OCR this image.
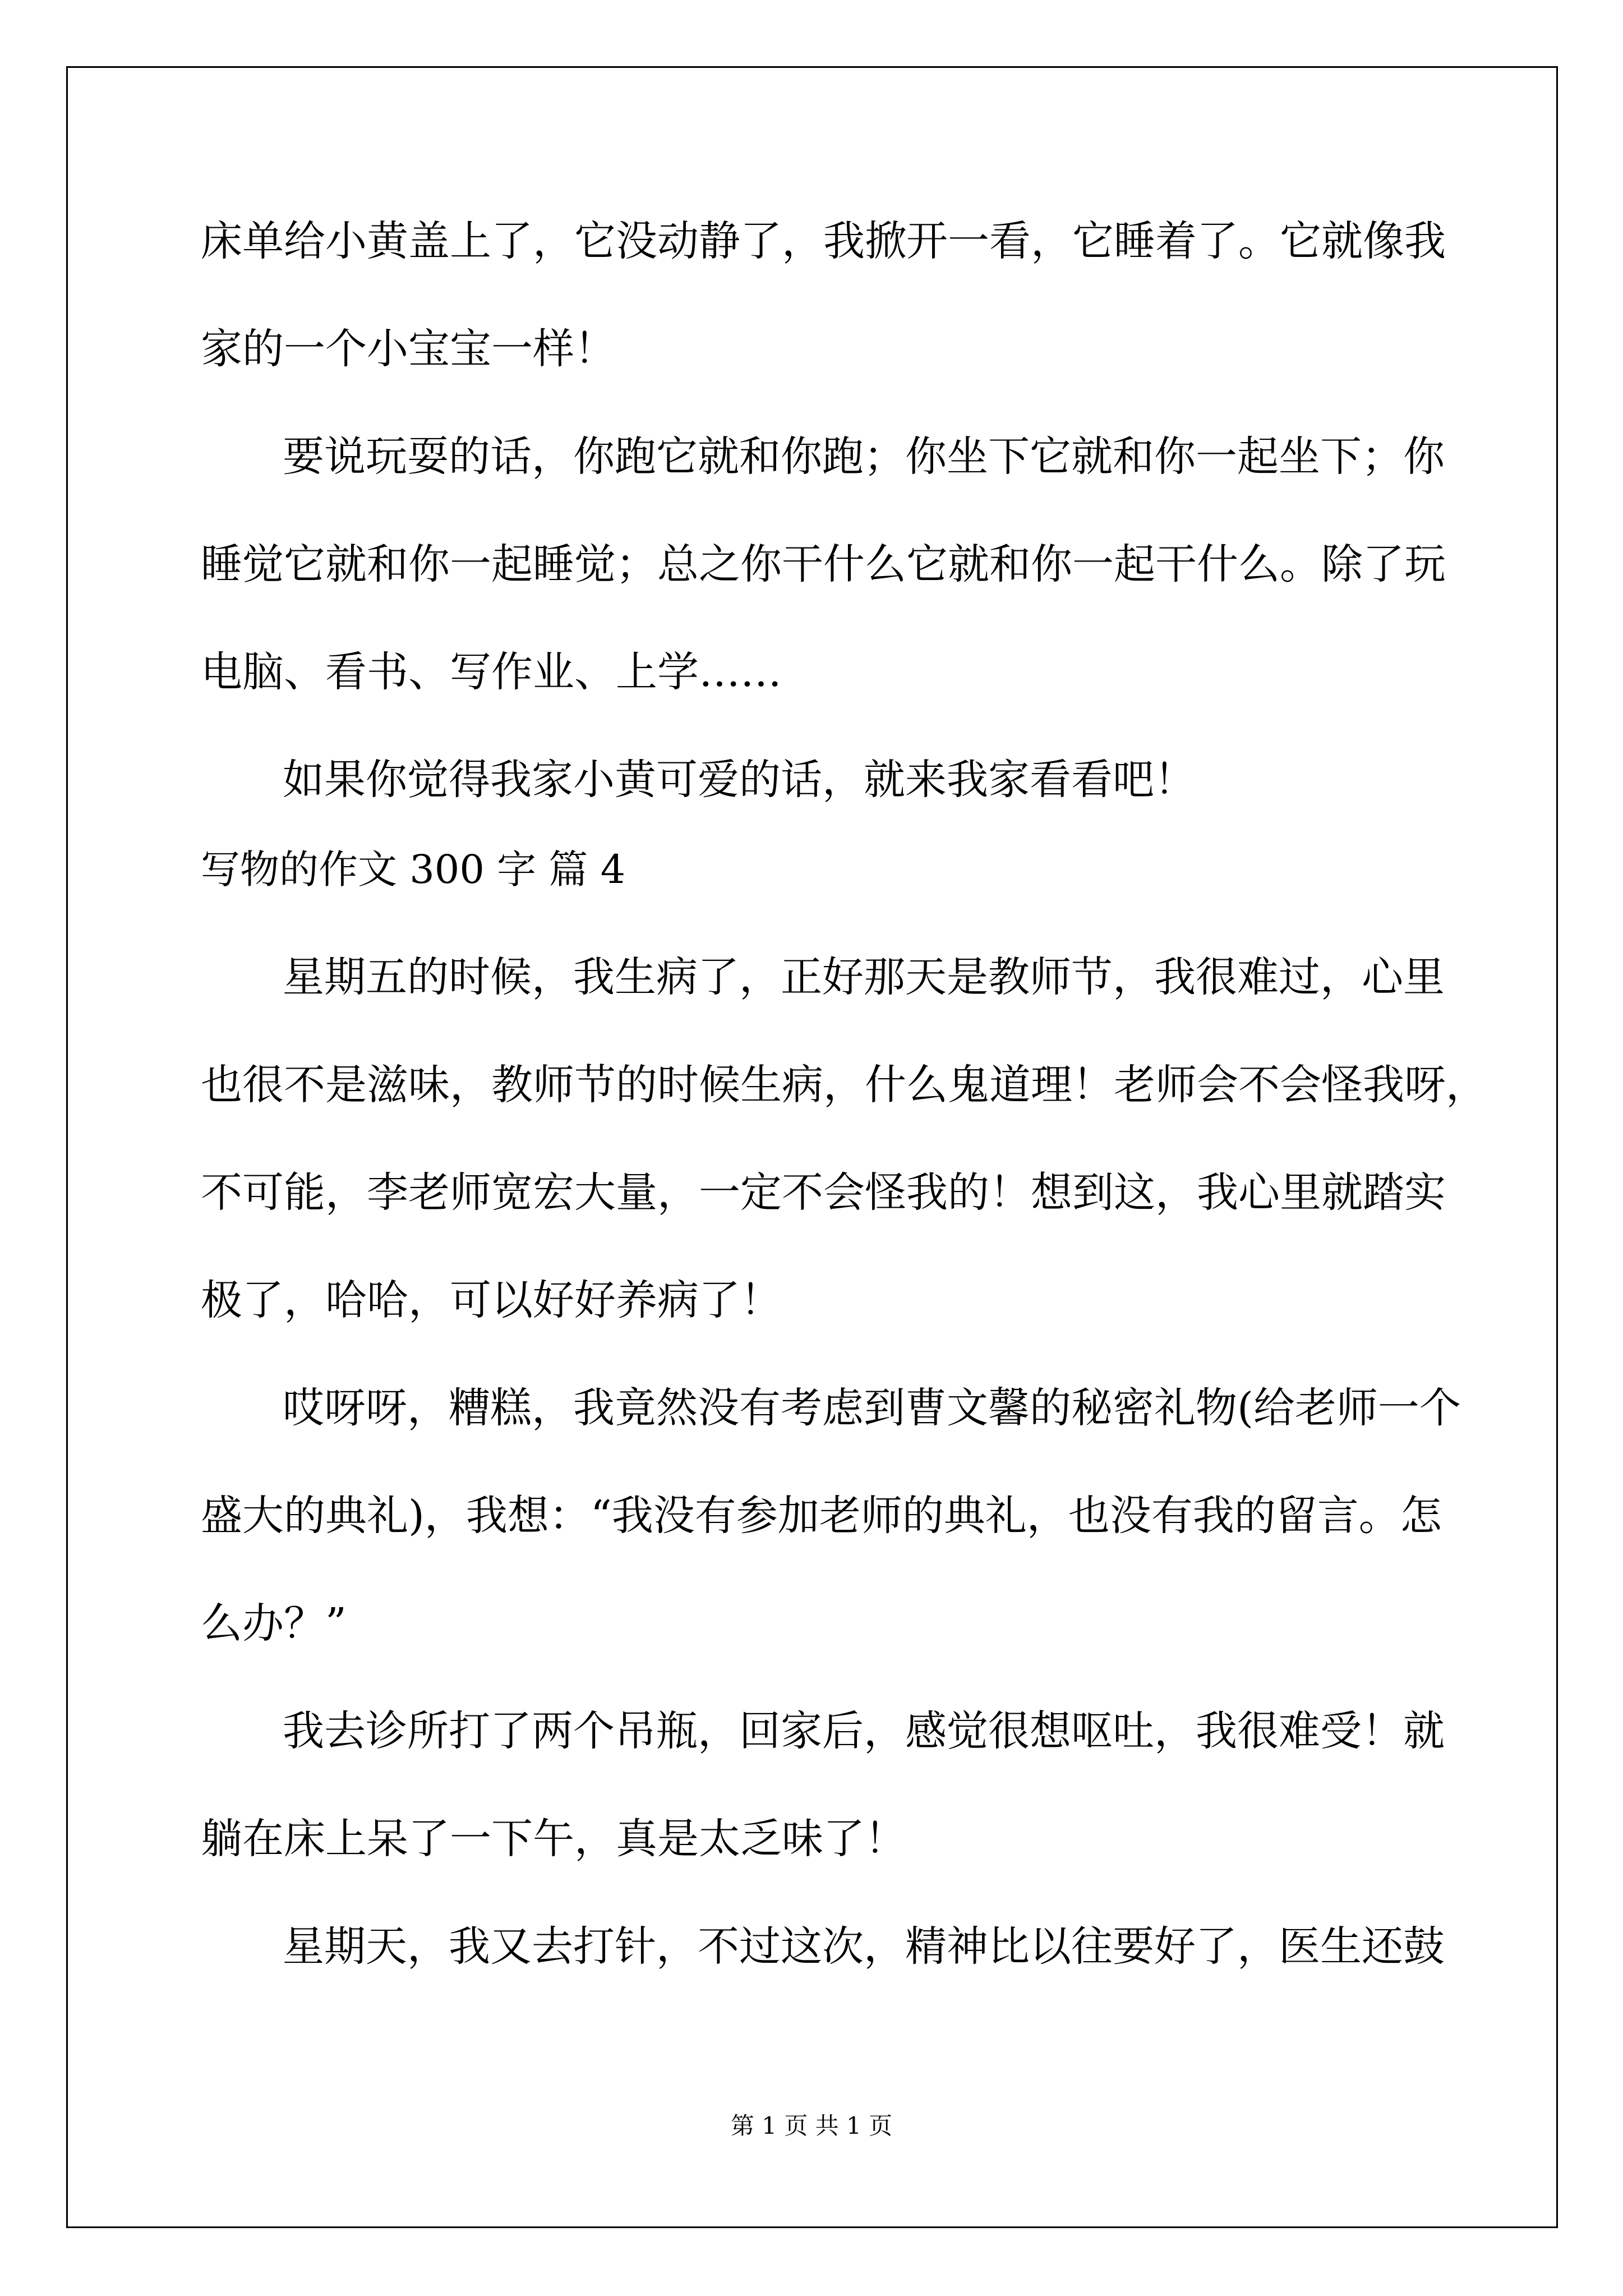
床单给小黄盖上了，它没动静了，我掀开一看，它睡着了。它就像我
家的一个小宝宝一样！
要说玩耍的话，你跑它就和你跑；你坐下它就和你一起坐下；你
睡觉它就和你一起睡觉；总之你干什么它就和你一起干什么。除了玩
电脑、看书、写作业、上学……
如果你觉得我家小黄可爱的话，就来我家看看吧！
写物的作文 300 字 篇 4
星期五的时候，我生病了，正好那天是教师节，我很难过，心里
也很不是滋味，教师节的时候生病，什么鬼道理！老师会不会怪我呀，
不可能，李老师宽宏大量，一定不会怪我的！想到这，我心里就踏实
极了，哈哈，可以好好养病了！
哎呀呀，糟糕，我竟然没有考虑到曹文馨的秘密礼物(给老师一个
盛大的典礼)，我想：“我没有参加老师的典礼，也没有我的留言。怎
么办？”
我去诊所打了两个吊瓶，回家后，感觉很想呕吐，我很难受！就
躺在床上呆了一下午，真是太乏味了！
星期天，我又去打针，不过这次，精神比以往要好了，医生还鼓
第 1 页 共 1 页
